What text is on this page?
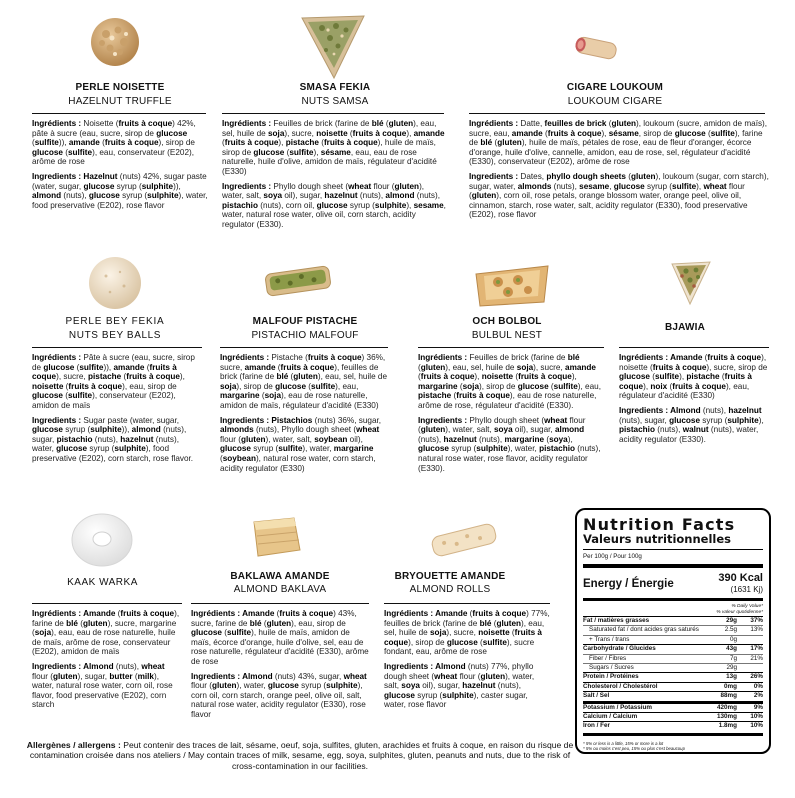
PERLE NOISETTE
HAZELNUT TRUFFLE

Ingrédients : Noisette (fruits à coque) 42%, pâte à sucre (eau, sucre, sirop de glucose (sulfite)), amande (fruits à coque), sirop de glucose (sulfite), eau, conservateur (E202), arôme de rose

Ingredients : Hazelnut (nuts) 42%, sugar paste (water, sugar, glucose syrup (sulphite)), almond (nuts), glucose syrup (sulphite), water, food preservative (E202), rose flavor

SMASA FEKIA
NUTS SAMSA

Ingrédients : Feuilles de brick (farine de blé (gluten), eau, sel, huile de soja), sucre, noisette (fruits à coque), amande (fruits à coque), pistache (fruits à coque), huile de maïs, sirop de glucose (sulfite), sésame, eau, eau de rose naturelle, huile d'olive, amidon de maïs, régulateur d'acidité (E330)

Ingredients : Phyllo dough sheet (wheat flour (gluten), water, salt, soya oil), sugar, hazelnut (nuts), almond (nuts), pistachio (nuts), corn oil, glucose syrup (sulphite), sesame, water, natural rose water, olive oil, corn starch, acidity regulator (E330).

CIGARE LOUKOUM
LOUKOUM CIGARE

Ingrédients : Datte, feuilles de brick (gluten), loukoum (sucre, amidon de maïs), sucre, eau, amande (fruits à coque), sésame, sirop de glucose (sulfite), farine de blé (gluten), huile de maïs, pétales de rose, eau de fleur d'oranger, écorce d'orange, huile d'olive, cannelle, amidon, eau de rose, sel, régulateur d'acidité (E330), conservateur (E202), arôme de rose

Ingredients : Dates, phyllo dough sheets (gluten), loukoum (sugar, corn starch), sugar, water, almonds (nuts), sesame, glucose syrup (sulfite), wheat flour (gluten), corn oil, rose petals, orange blossom water, orange peel, olive oil, cinnamon, starch, rose water, salt, acidity regulator (E330), food preservative (E202), rose flavor

PERLE BEY FEKIA
NUTS BEY BALLS

Ingrédients : Pâte à sucre (eau, sucre, sirop de glucose (sulfite)), amande (fruits à coque), sucre, pistache (fruits à coque), noisette (fruits à coque), eau, sirop de glucose (sulfite), conservateur (E202), amidon de maïs

Ingredients : Sugar paste (water, sugar, glucose syrup (sulphite)), almond (nuts), sugar, pistachio (nuts), hazelnut (nuts), water, glucose syrup (sulphite), food preservative (E202), corn starch, rose flavor.

MALFOUF PISTACHE
PISTACHIO MALFOUF

Ingrédients : Pistache (fruits à coque) 36%, sucre, amande (fruits à coque), feuilles de brick (farine de blé (gluten), eau, sel, huile de soja), sirop de glucose (sulfite), eau, margarine (soja), eau de rose naturelle, amidon de maïs, régulateur d'acidité (E330)

Ingredients : Pistachios (nuts) 36%, sugar, almonds (nuts), Phyllo dough sheet (wheat flour (gluten), water, salt, soybean oil), glucose syrup (sulfite), water, margarine (soybean), natural rose water, corn starch, acidity regulator (E330)

OCH BOLBOL
BULBUL NEST

Ingrédients : Feuilles de brick (farine de blé (gluten), eau, sel, huile de soja), sucre, amande (fruits à coque), noisette (fruits à coque), margarine (soja), sirop de glucose (sulfite), eau, pistache (fruits à coque), eau de rose naturelle, arôme de rose, régulateur d'acidité (E330).

Ingredients : Phyllo dough sheet (wheat flour (gluten), water, salt, soya oil), sugar, almond (nuts), hazelnut (nuts), margarine (soya), glucose syrup (sulphite), water, pistachio (nuts), natural rose water, rose flavor, acidity regulator (E330).

BJAWIA

Ingrédients : Amande (fruits à coque), noisette (fruits à coque), sucre, sirop de glucose (sulfite), pistache (fruits à coque), noix (fruits à coque), eau, régulateur d'acidité (E330)

Ingredients : Almond (nuts), hazelnut (nuts), sugar, glucose syrup (sulphite), pistachio (nuts), walnut (nuts), water, acidity regulator (E330).

KAAK WARKA

Ingrédients : Amande (fruits à coque), farine de blé (gluten), sucre, margarine (soja), eau, eau de rose naturelle, huile de maïs, arôme de rose, conservateur (E202), amidon de maïs

Ingredients : Almond (nuts), wheat flour (gluten), sugar, butter (milk), water, natural rose water, corn oil, rose flavor, food preservative (E202), corn starch

BAKLAWA AMANDE
ALMOND BAKLAVA

Ingrédients : Amande (fruits à coque) 43%, sucre, farine de blé (gluten), eau, sirop de glucose (sulfite), huile de maïs, amidon de maïs, écorce d'orange, huile d'olive, sel, eau de rose naturelle, régulateur d'acidité (E330), arôme de rose

Ingredients : Almond (nuts) 43%, sugar, wheat flour (gluten), water, glucose syrup (sulphite), corn oil, corn starch, orange peel, olive oil, salt, natural rose water, acidity regulator (E330), rose flavor

BRYOUETTE AMANDE
ALMOND ROLLS

Ingrédients : Amande (fruits à coque) 77%, feuilles de brick (farine de blé (gluten), eau, sel, huile de soja), sucre, noisette (fruits à coque), sirop de glucose (sulfite), sucre fondant, eau, arôme de rose

Ingredients : Almond (nuts) 77%, phyllo dough sheet (wheat flour (gluten), water, salt, soya oil), sugar, hazelnut (nuts), glucose syrup (sulphite), caster sugar, water, rose flavor

Nutrition Facts
Valeurs nutritionnelles
Per 100g / Pour 100g
Energy / Énergie	390 Kcal
(1631 Kj)
% Daily Value*
% valeur quotidienne*
Fat / matières grasses	29g	37%
Saturated fat / dont acides gras saturés	2.5g	13%
+ Trans / trans	0g
Carbohydrate / Glucides	43g	17%
Fiber / Fibres	7g	21%
Sugars / Sucres	29g
Protein / Protéines	13g	26%
Cholesterol / Cholestérol	0mg	0%
Salt / Sel	88mg	2%
Potassium / Potassium	420mg	9%
Calcium / Calcium	130mg	10%
Iron / Fer	1.8mg	10%
* 5% or less is a little, 15% or more is a lot
* 5% ou moins c'est peu, 15% ou plus c'est beaucoup
Allergènes / allergens : Peut contenir des traces de lait, sésame, oeuf, soja, sulfites, gluten, arachides et fruits à coque, en raison du risque de contamination croisée dans nos ateliers / May contain traces of milk, sesame, egg, soya, sulphites, gluten, peanuts and nuts, due to the risk of cross-contamination in our facilities.
